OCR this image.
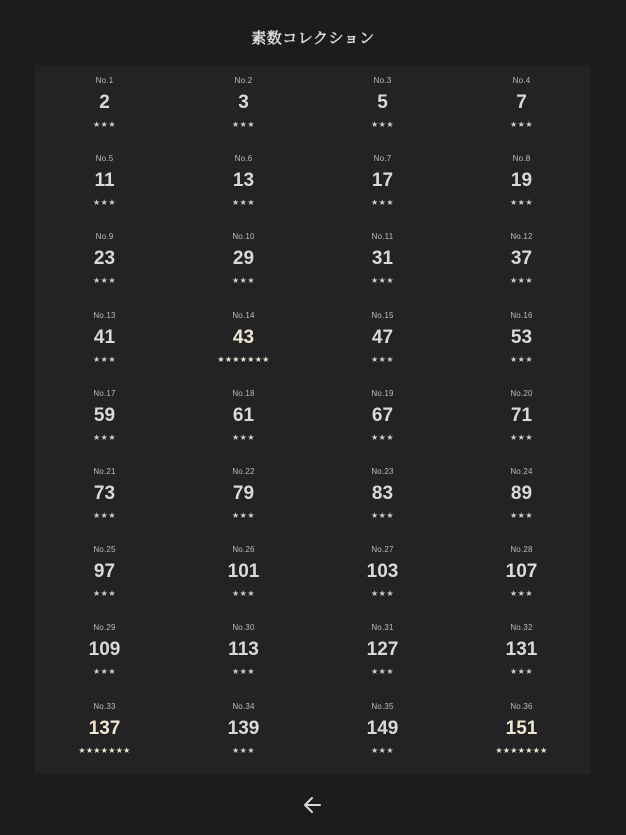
素数コレクション
No.1
2
★★★
No.2
3
★★★
No.3
5
★★★
No.4
7
★★★
No.5
11
★★★
No.6
13
★★★
No.7
17
★★★
No.8
19
★★★
No.9
23
★★★
No.10
29
★★★
No.11
31
★★★
No.12
37
★★★
No.13
41
★★★
No.14
43
★★★★★★★
No.15
47
★★★
No.16
53
★★★
No.17
59
★★★
No.18
61
★★★
No.19
67
★★★
No.20
71
★★★
No.21
73
★★★
No.22
79
★★★
No.23
83
★★★
No.24
89
★★★
No.25
97
★★★
No.26
101
★★★
No.27
103
★★★
No.28
107
★★★
No.29
109
★★★
No.30
113
★★★
No.31
127
★★★
No.32
131
★★★
No.33
137
★★★★★★★
No.34
139
★★★
No.35
149
★★★
No.36
151
★★★★★★★
